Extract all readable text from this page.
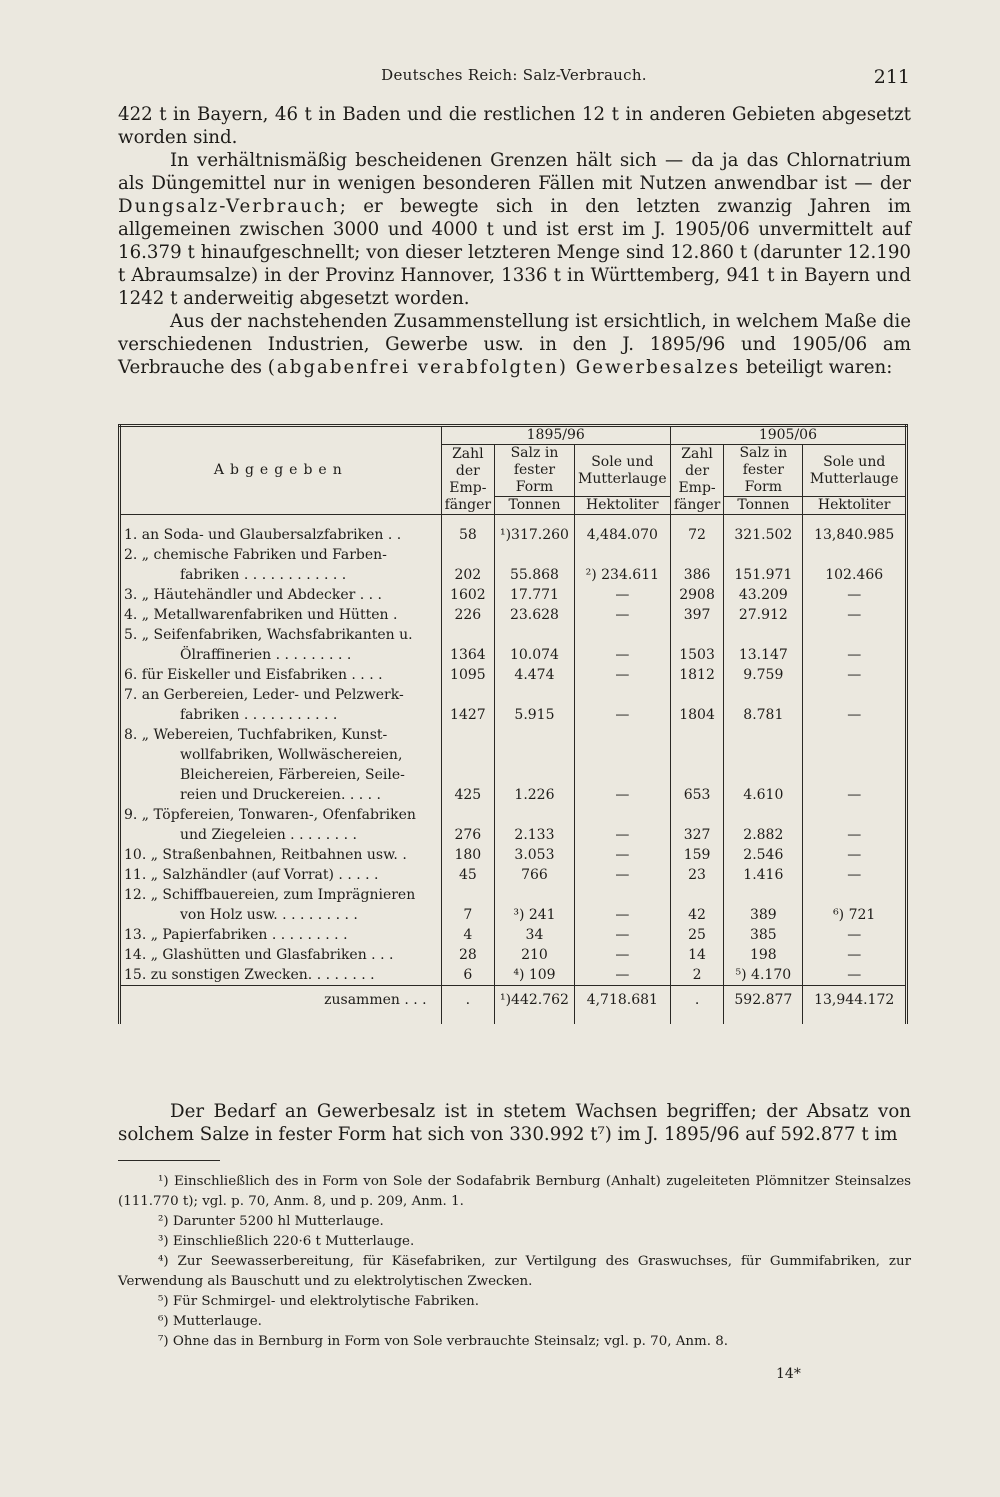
Deutsches Reich: Salz-Verbrauch.	211

422 t in Bayern, 46 t in Baden und die restlichen 12 t in anderen Gebieten abgesetzt worden sind.

In verhältnismäßig bescheidenen Grenzen hält sich — da ja das Chlornatrium als Düngemittel nur in wenigen besonderen Fällen mit Nutzen anwendbar ist — der Dungsalz-Verbrauch; er bewegte sich in den letzten zwanzig Jahren im allgemeinen zwischen 3000 und 4000 t und ist erst im J. 1905/06 unvermittelt auf 16.379 t hinaufgeschnellt; von dieser letzteren Menge sind 12.860 t (darunter 12.190 t Abraumsalze) in der Provinz Hannover, 1336 t in Württemberg, 941 t in Bayern und 1242 t anderweitig abgesetzt worden.

Aus der nachstehenden Zusammenstellung ist ersichtlich, in welchem Maße die verschiedenen Industrien, Gewerbe usw. in den J. 1895/96 und 1905/06 am Verbrauche des (abgabenfrei verabfolgten) Gewerbesalzes beteiligt waren:

Abgegeben	1895/96			1905/06		
	Zahl der Emp-fänger	Salz in fester Form	Sole und Mutterlauge	Zahl der Emp-fänger	Salz in fester Form	Sole und Mutterlauge
		Tonnen	Hektoliter		Tonnen	Hektoliter

1. an Soda- und Glaubersalzfabriken . .	58	¹)317.260	4,484.070	72	321.502	13,840.985

2. „ chemische Fabriken und Farben-
fabriken . . . . . . . . . . . .	202	55.868	²) 234.611	386	151.971	102.466

3. „ Häutehändler und Abdecker . . .	1602	17.771	—	2908	43.209	—

4. „ Metallwarenfabriken und Hütten .	226	23.628	—	397	27.912	—

5. „ Seifenfabriken, Wachsfabrikanten u.
Ölraffinerien . . . . . . . . .	1364	10.074	—	1503	13.147	—

6. für Eiskeller und Eisfabriken . . . .	1095	4.474	—	1812	9.759	—

7. an Gerbereien, Leder- und Pelzwerk-
fabriken . . . . . . . . . . .	1427	5.915	—	1804	8.781	—

8. „ Webereien, Tuchfabriken, Kunst-
wollfabriken, Wollwäschereien,
Bleichereien, Färbereien, Seile-
reien und Druckereien. . . . .	425	1.226	—	653	4.610	—

9. „ Töpfereien, Tonwaren-, Ofenfabriken
und Ziegeleien . . . . . . . .	276	2.133	—	327	2.882	—

10. „ Straßenbahnen, Reitbahnen usw. .	180	3.053	—	159	2.546	—

11. „ Salzhändler (auf Vorrat) . . . . .	45	766	—	23	1.416	—

12. „ Schiffbauereien, zum Imprägnieren
von Holz usw. . . . . . . . . .	7	³) 241	—	42	389	⁶) 721

13. „ Papierfabriken . . . . . . . . .	4	34	—	25	385	—

14. „ Glashütten und Glasfabriken . . .	28	210	—	14	198	—

15. zu sonstigen Zwecken. . . . . . . .	6	⁴) 109	—	2	⁵) 4.170	—
zusammen . . .	.	¹)442.762	4,718.681	.	592.877	13,944.172

Der Bedarf an Gewerbesalz ist in stetem Wachsen begriffen; der Absatz von solchem Salze in fester Form hat sich von 330.992 t⁷) im J. 1895/96 auf 592.877 t im

¹) Einschließlich des in Form von Sole der Sodafabrik Bernburg (Anhalt) zugeleiteten Plömnitzer Steinsalzes (111.770 t); vgl. p. 70, Anm. 8, und p. 209, Anm. 1.

²) Darunter 5200 hl Mutterlauge.

³) Einschließlich 220·6 t Mutterlauge.

⁴) Zur Seewasserbereitung, für Käsefabriken, zur Vertilgung des Graswuchses, für Gummifabriken, zur Verwendung als Bauschutt und zu elektrolytischen Zwecken.

⁵) Für Schmirgel- und elektrolytische Fabriken.

⁶) Mutterlauge.

⁷) Ohne das in Bernburg in Form von Sole verbrauchte Steinsalz; vgl. p. 70, Anm. 8.

14*
